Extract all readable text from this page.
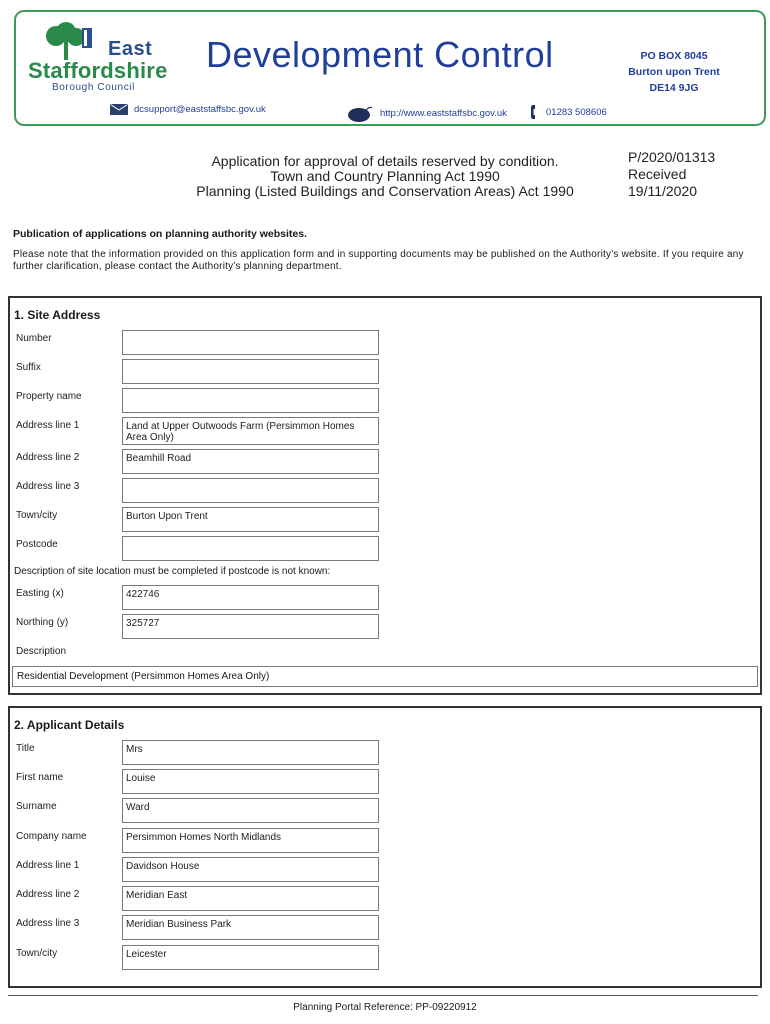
East
Staffordshire
Borough Council
Development Control	PO BOX 8045
Burton upon Trent
DE14 9JG
dcsupport@eaststaffsbc.gov.uk	http://www.eaststaffsbc.gov.uk	01283 508606
Application for approval of details reserved by condition.
Town and Country Planning Act 1990
Planning (Listed Buildings and Conservation Areas) Act 1990
P/2020/01313
Received
19/11/2020
Publication of applications on planning authority websites.
Please note that the information provided on this application form and in supporting documents may be published on the Authority’s website. If you require any further clarification, please contact the Authority’s planning department.
1. Site Address
Number
Suffix
Property name
Address line 1	Land at Upper Outwoods Farm (Persimmon Homes Area Only)
Address line 2	Beamhill Road
Address line 3
Town/city	Burton Upon Trent
Postcode
Description of site location must be completed if postcode is not known:
Easting (x)	422746
Northing (y)	325727
Description
Residential Development (Persimmon Homes Area Only)
2. Applicant Details
Title	Mrs
First name	Louise
Surname	Ward
Company name	Persimmon Homes North Midlands
Address line 1	Davidson House
Address line 2	Meridian East
Address line 3	Meridian Business Park
Town/city	Leicester
Planning Portal Reference: PP-09220912
